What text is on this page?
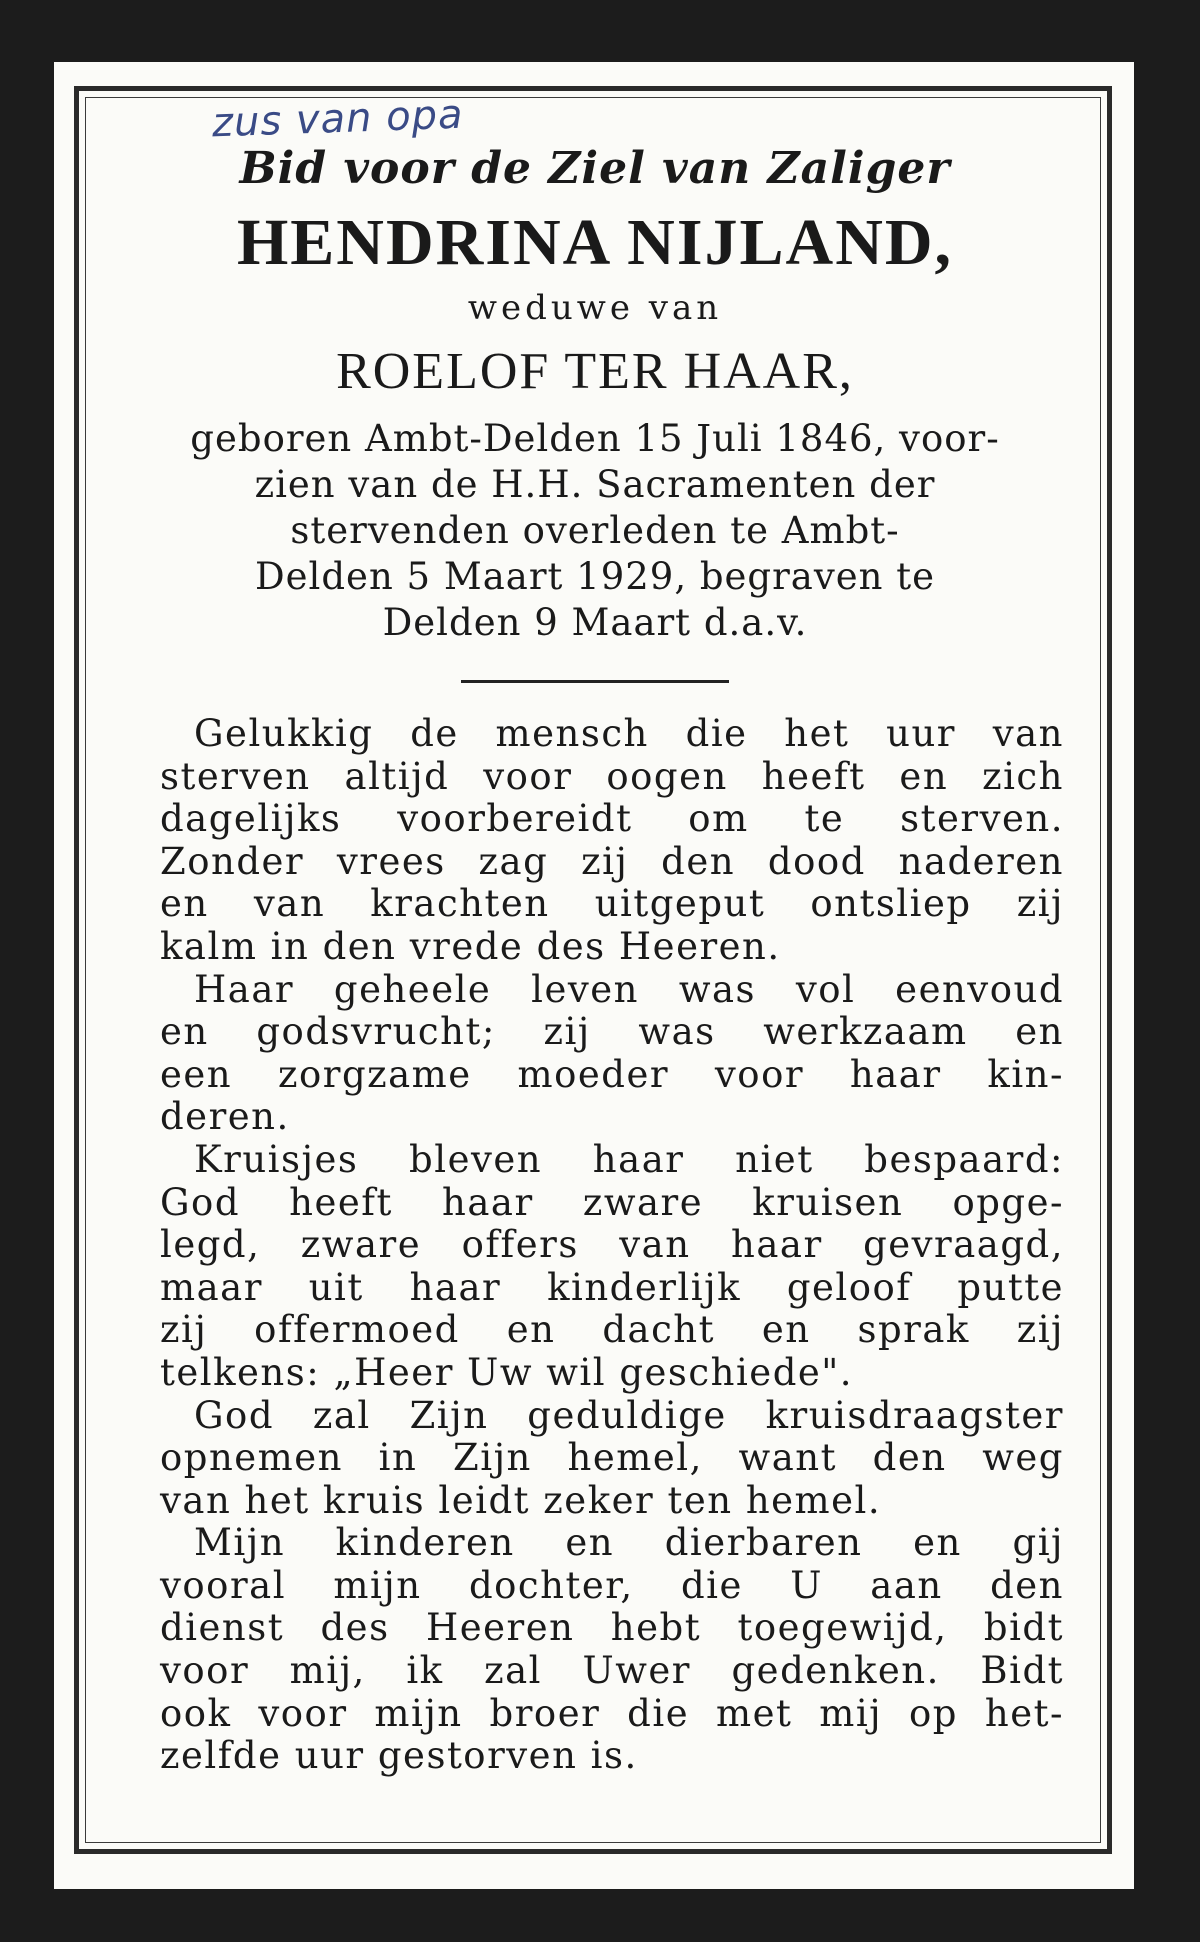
zus van opa

Bid voor de Ziel van Zaliger

HENDRINA NIJLAND,

weduwe van

ROELOF TER HAAR,

geboren Ambt-Delden 15 Juli 1846, voor-

zien van de H.H. Sacramenten der

stervenden overleden te Ambt-

Delden 5 Maart 1929, begraven te

Delden 9 Maart d.a.v.

Gelukkig de mensch die het uur van
sterven altijd voor oogen heeft en zich
dagelijks voorbereidt om te sterven.
Zonder vrees zag zij den dood naderen
en van krachten uitgeput ontsliep zij
kalm in den vrede des Heeren.
Haar geheele leven was vol eenvoud
en godsvrucht; zij was werkzaam en
een zorgzame moeder voor haar kin-
deren.
Kruisjes bleven haar niet bespaard:
God heeft haar zware kruisen opge-
legd, zware offers van haar gevraagd,
maar uit haar kinderlijk geloof putte
zij offermoed en dacht en sprak zij
telkens: „Heer Uw wil geschiede".
God zal Zijn geduldige kruisdraagster
opnemen in Zijn hemel, want den weg
van het kruis leidt zeker ten hemel.
Mijn kinderen en dierbaren en gij
vooral mijn dochter, die U aan den
dienst des Heeren hebt toegewijd, bidt
voor mij, ik zal Uwer gedenken. Bidt
ook voor mijn broer die met mij op het-
zelfde uur gestorven is.
